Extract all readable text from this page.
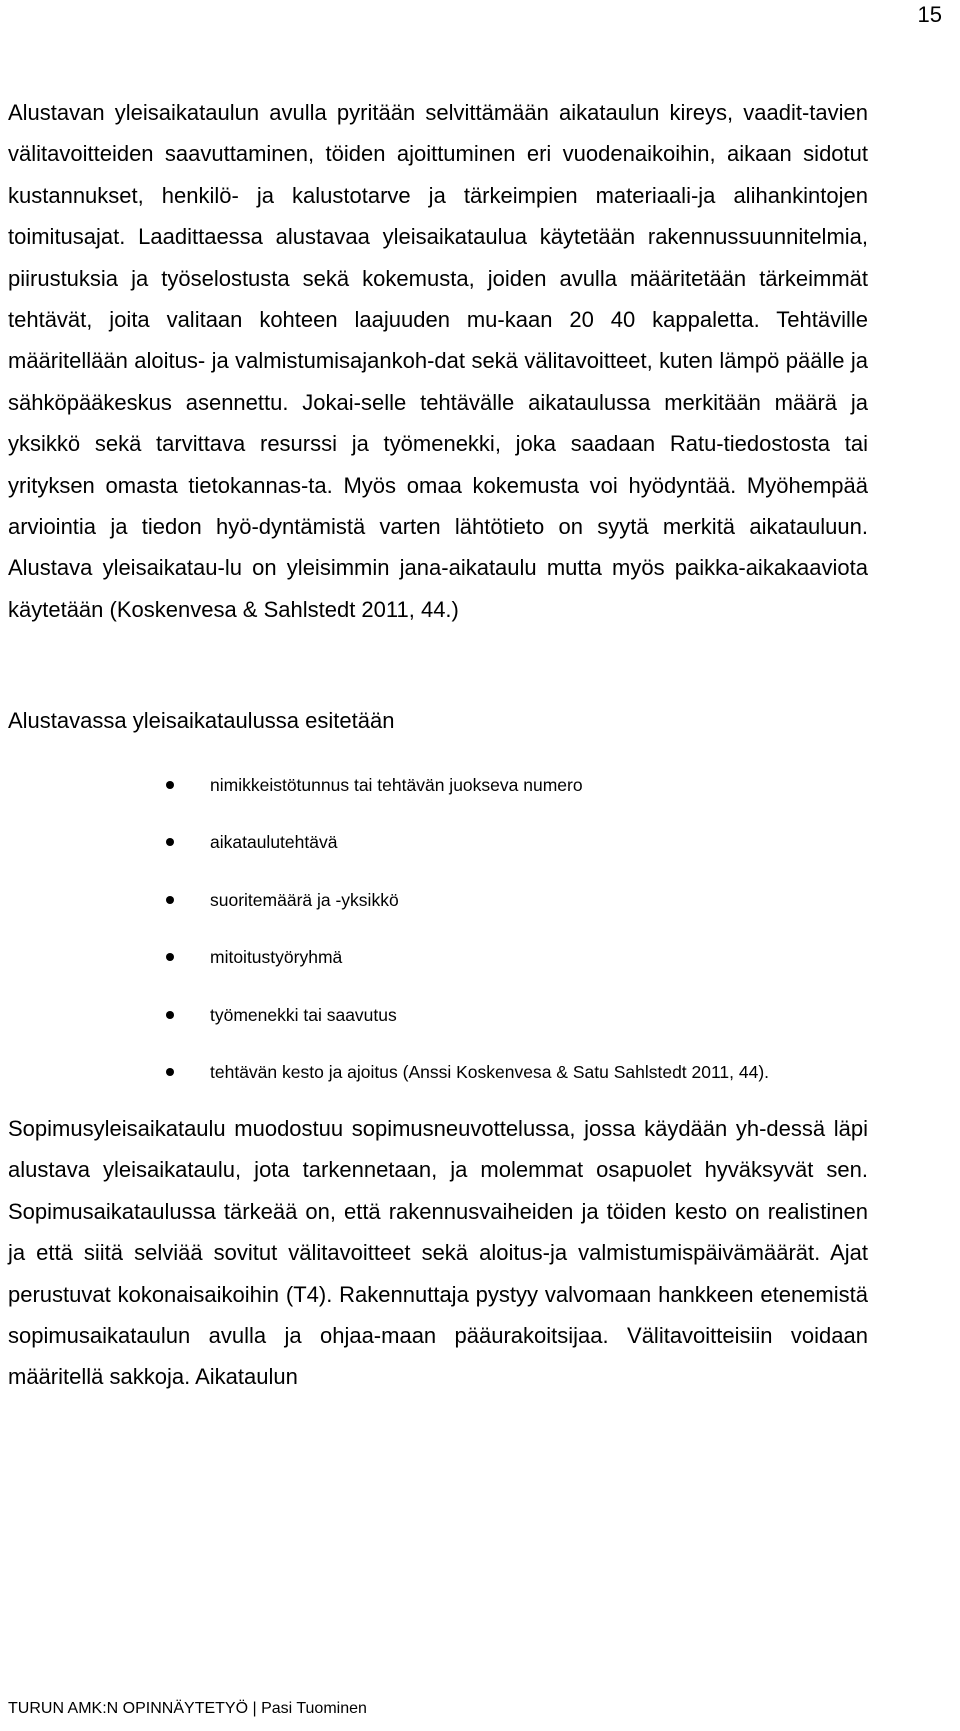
15

Alustavan yleisaikataulun avulla pyritään selvittämään aikataulun kireys, vaadit-tavien välitavoitteiden saavuttaminen, töiden ajoittuminen eri vuodenaikoihin, aikaan sidotut kustannukset, henkilö- ja kalustotarve ja tärkeimpien materiaali-ja alihankintojen toimitusajat. Laadittaessa alustavaa yleisaikataulua käytetään rakennussuunnitelmia, piirustuksia ja työselostusta sekä kokemusta, joiden avulla määritetään tärkeimmät tehtävät, joita valitaan kohteen laajuuden mu-kaan 20 40 kappaletta. Tehtäville määritellään aloitus- ja valmistumisajankoh-dat sekä välitavoitteet, kuten lämpö päälle ja sähköpääkeskus asennettu. Jokai-selle tehtävälle aikataulussa merkitään määrä ja yksikkö sekä tarvittava resurssi ja työmenekki, joka saadaan Ratu-tiedostosta tai yrityksen omasta tietokannas-ta. Myös omaa kokemusta voi hyödyntää. Myöhempää arviointia ja tiedon hyö-dyntämistä varten lähtötieto on syytä merkitä aikatauluun. Alustava yleisaikatau-lu on yleisimmin jana-aikataulu mutta myös paikka-aikakaaviota käytetään (Koskenvesa & Sahlstedt 2011, 44.)

Alustavassa yleisaikataulussa esitetään

nimikkeistötunnus tai tehtävän juokseva numero
aikataulutehtävä
suoritemäärä ja -yksikkö
mitoitustyöryhmä
työmenekki tai saavutus
tehtävän kesto ja ajoitus (Anssi Koskenvesa & Satu Sahlstedt 2011, 44).

Sopimusyleisaikataulu muodostuu sopimusneuvottelussa, jossa käydään yh-dessä läpi alustava yleisaikataulu, jota tarkennetaan, ja molemmat osapuolet hyväksyvät sen. Sopimusaikataulussa tärkeää on, että rakennusvaiheiden ja töiden kesto on realistinen ja että siitä selviää sovitut välitavoitteet sekä aloitus-ja valmistumispäivämäärät. Ajat perustuvat kokonaisaikoihin (T4). Rakennuttaja pystyy valvomaan hankkeen etenemistä sopimusaikataulun avulla ja ohjaa-maan pääurakoitsijaa. Välitavoitteisiin voidaan määritellä sakkoja. Aikataulun

TURUN AMK:N OPINNÄYTETYÖ | Pasi Tuominen
